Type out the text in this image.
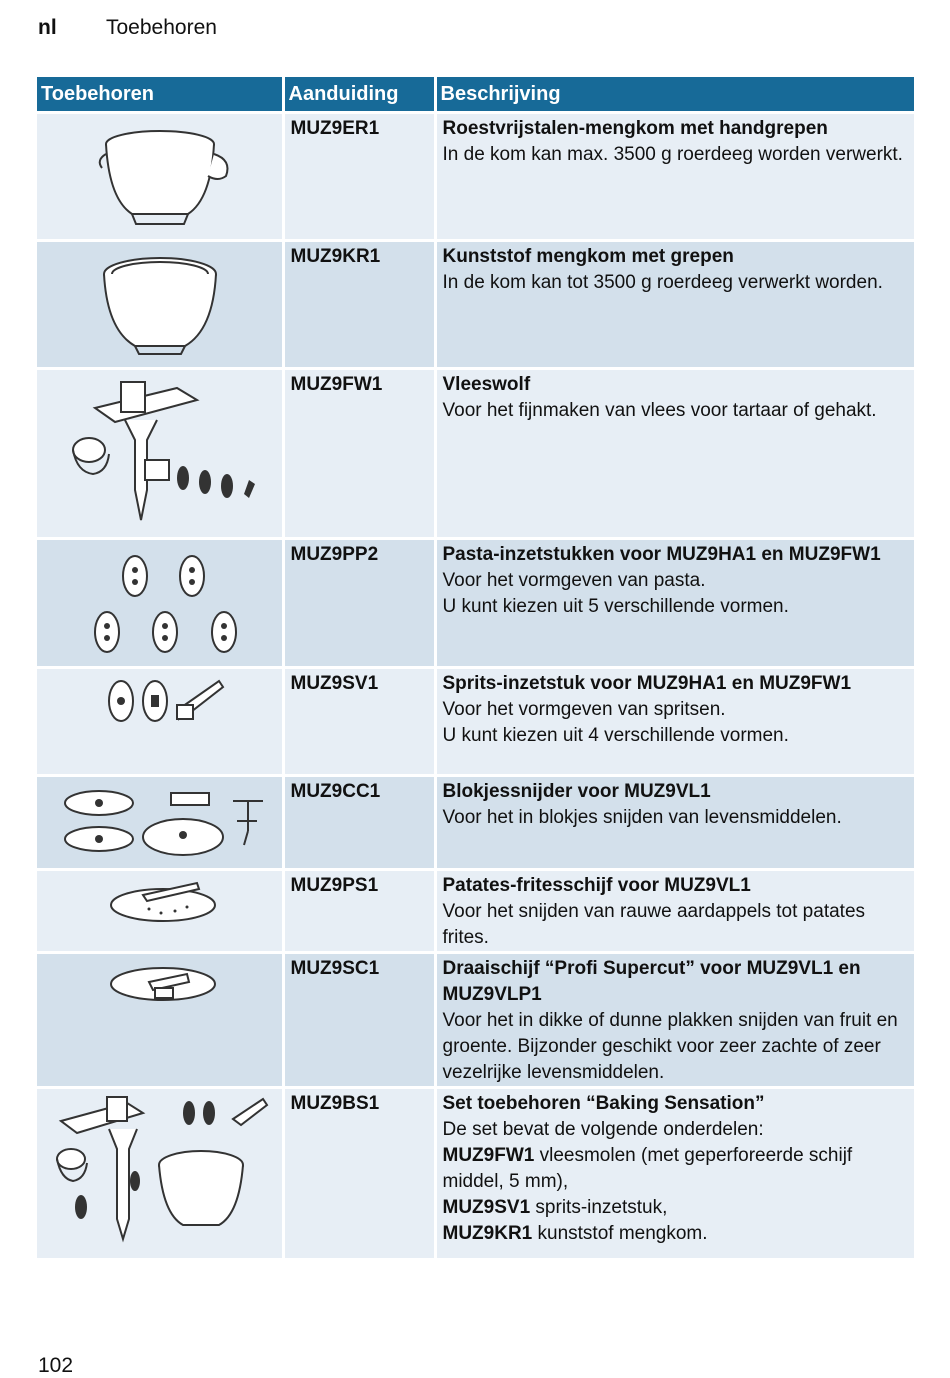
nl Toebehoren
Toebehoren	Aanduiding	Beschrijving

	MUZ9ER1	Roestvrijstalen-mengkom met handgrepen
In de kom kan max. 3500 g roerdeeg worden verwerkt.

	MUZ9KR1	Kunststof mengkom met grepen
In de kom kan tot 3500 g roerdeeg verwerkt worden.

	MUZ9FW1	Vleeswolf
Voor het fijnmaken van vlees voor tartaar of gehakt.

	MUZ9PP2	Pasta-inzetstukken voor MUZ9HA1 en MUZ9FW1
Voor het vormgeven van pasta.
U kunt kiezen uit 5 verschillende vormen.

	MUZ9SV1	Sprits-inzetstuk voor MUZ9HA1 en MUZ9FW1
Voor het vormgeven van spritsen.
U kunt kiezen uit 4 verschillende vormen.

	MUZ9CC1	Blokjessnijder voor MUZ9VL1
Voor het in blokjes snijden van levensmiddelen.

	MUZ9PS1	Patates-fritesschijf voor MUZ9VL1
Voor het snijden van rauwe aardappels tot patates frites.

	MUZ9SC1	Draaischijf “Profi Supercut” voor MUZ9VL1 en MUZ9VLP1
Voor het in dikke of dunne plakken snijden van fruit en groente. Bijzonder geschikt voor zeer zachte of zeer vezelrijke levensmiddelen.

	MUZ9BS1	Set toebehoren “Baking Sensation”
De set bevat de volgende onderdelen:
MUZ9FW1 vleesmolen (met geperforeerde schijf middel, 5 mm),
MUZ9SV1 sprits-inzetstuk,
MUZ9KR1 kunststof mengkom.
102
